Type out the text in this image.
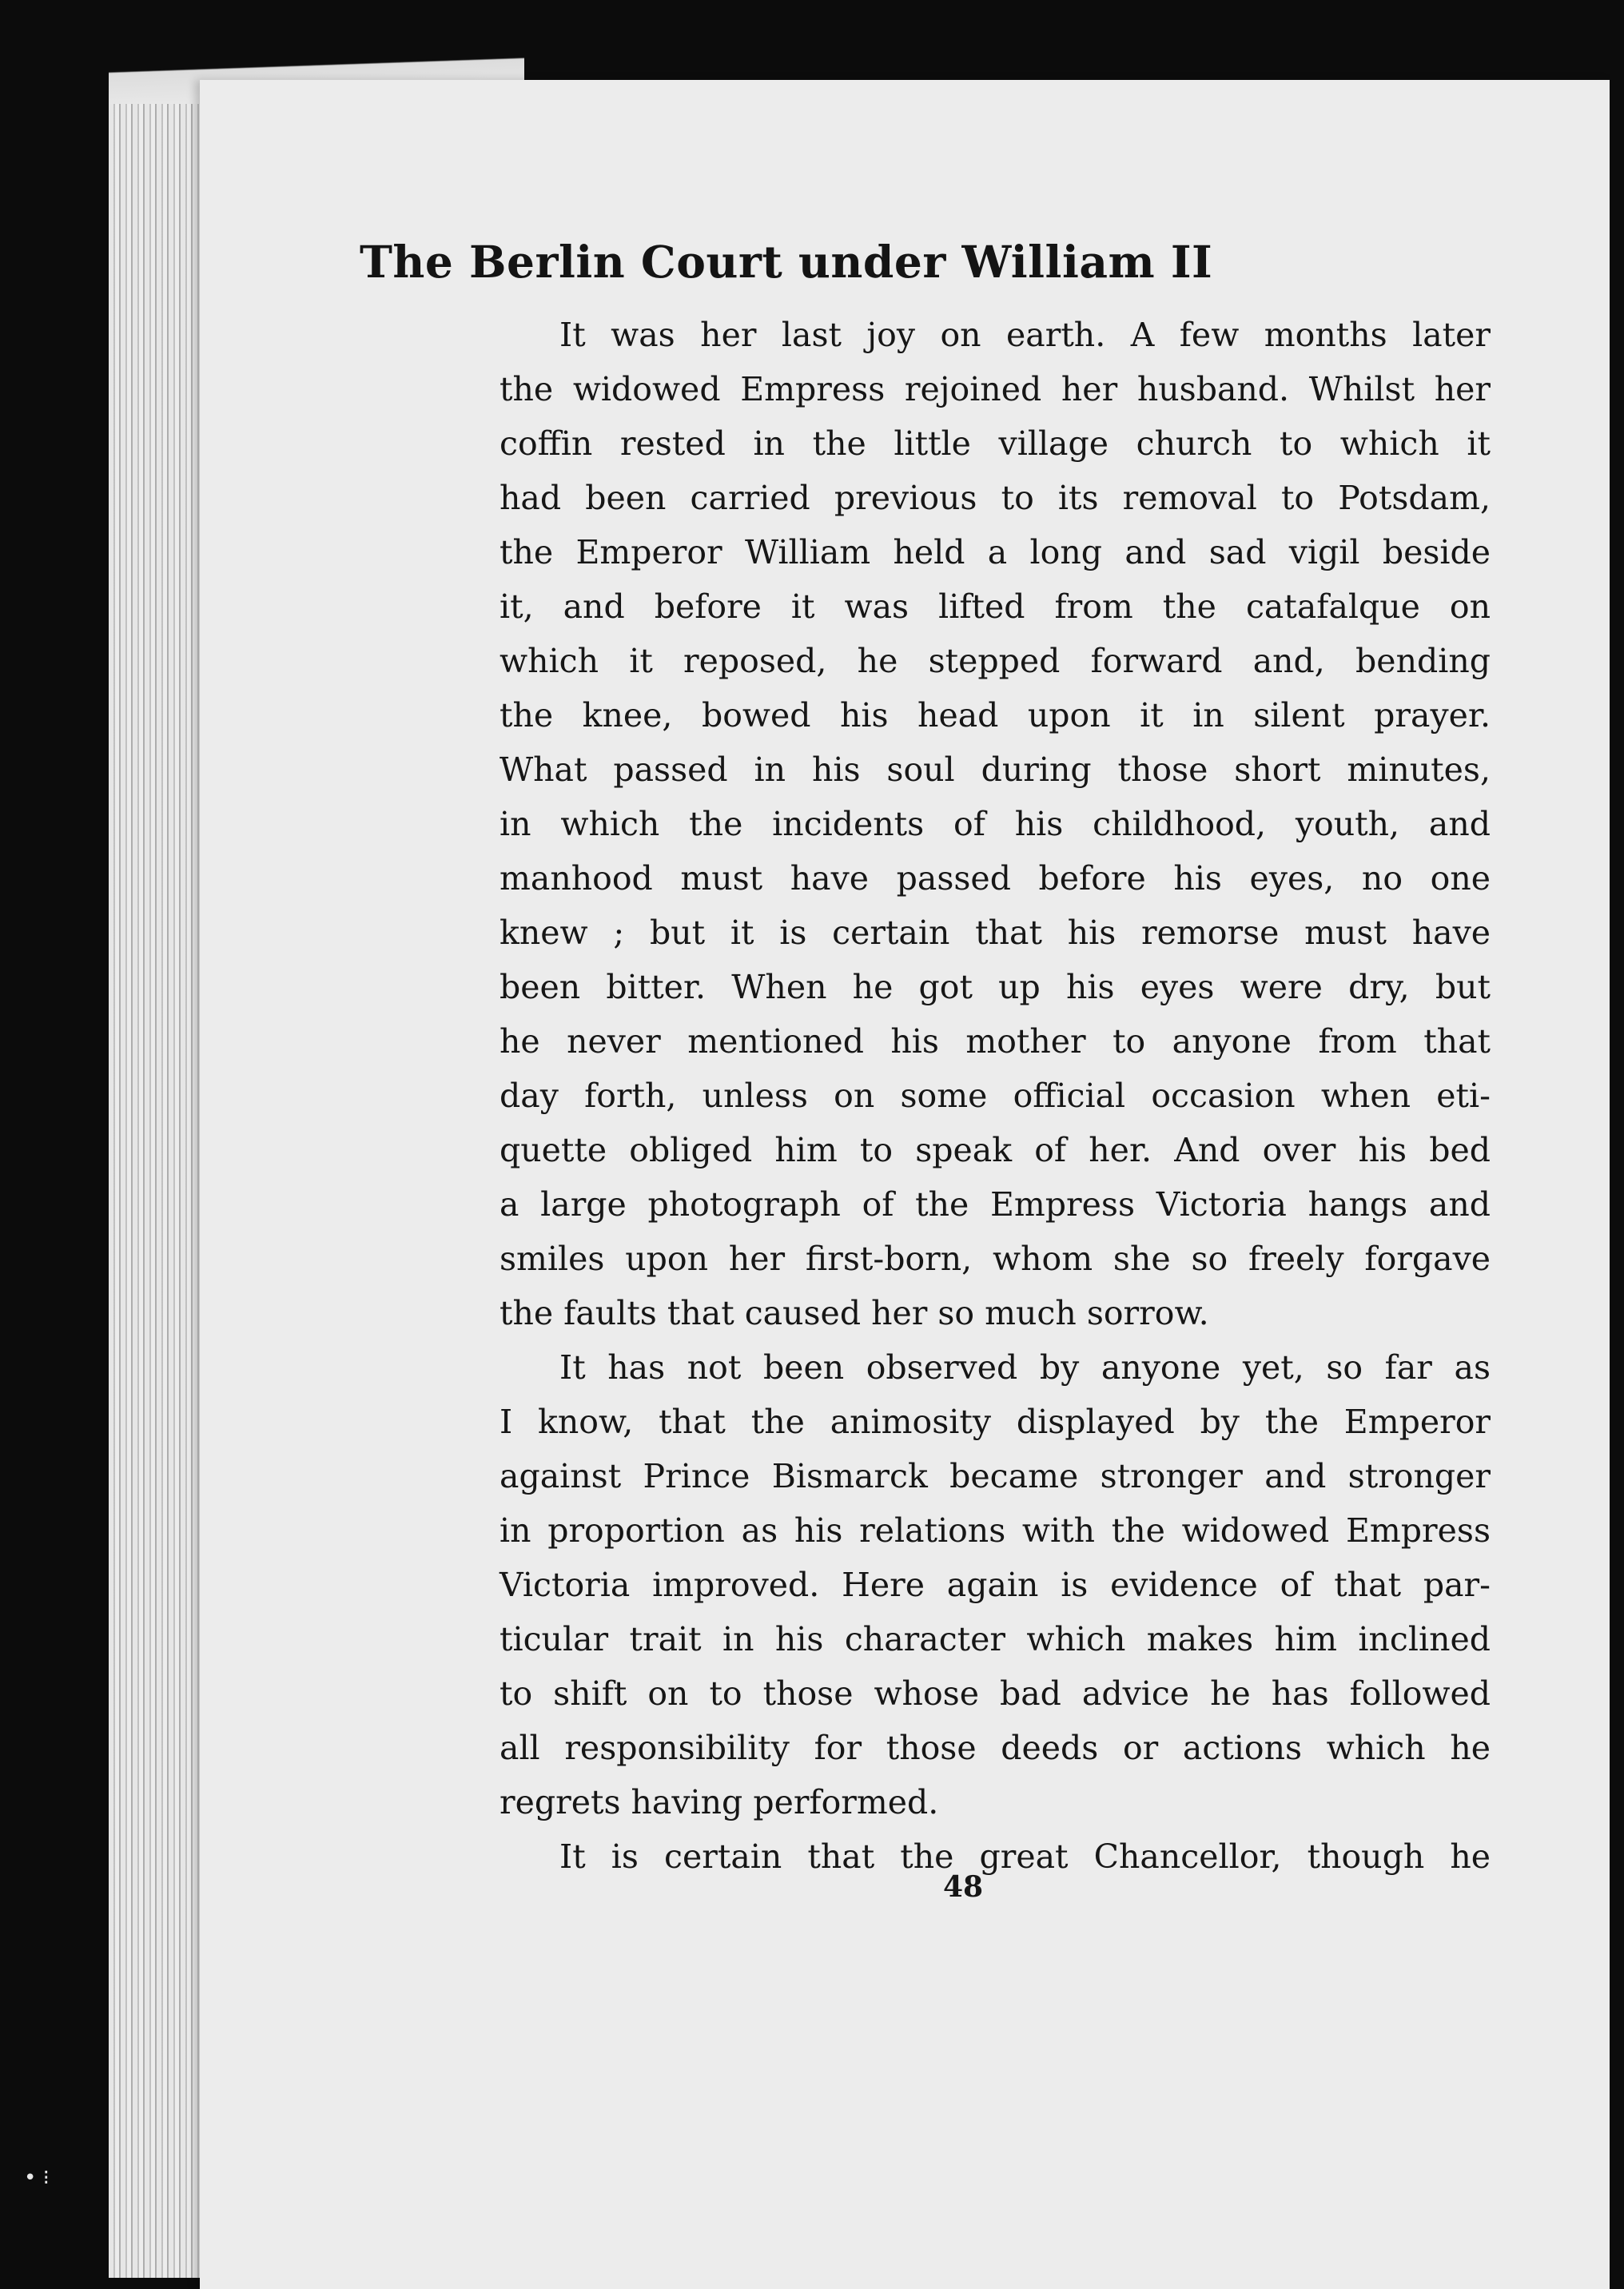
The Berlin Court under William II
It was her last joy on earth. A few months later
the widowed Empress rejoined her husband. Whilst her
coffin rested in the little village church to which it
had been carried previous to its removal to Potsdam,
the Emperor William held a long and sad vigil beside
it, and before it was lifted from the catafalque on
which it reposed, he stepped forward and, bending
the knee, bowed his head upon it in silent prayer.
What passed in his soul during those short minutes,
in which the incidents of his childhood, youth, and
manhood must have passed before his eyes, no one
knew ; but it is certain that his remorse must have
been bitter. When he got up his eyes were dry, but
he never mentioned his mother to anyone from that
day forth, unless on some official occasion when eti-
quette obliged him to speak of her. And over his bed
a large photograph of the Empress Victoria hangs and
smiles upon her first-born, whom she so freely forgave
the faults that caused her so much sorrow.
It has not been observed by anyone yet, so far as
I know, that the animosity displayed by the Emperor
against Prince Bismarck became stronger and stronger
in proportion as his relations with the widowed Empress
Victoria improved. Here again is evidence of that par-
ticular trait in his character which makes him inclined
to shift on to those whose bad advice he has followed
all responsibility for those deeds or actions which he
regrets having performed.
It is certain that the great Chancellor, though he
48
• ⁝
